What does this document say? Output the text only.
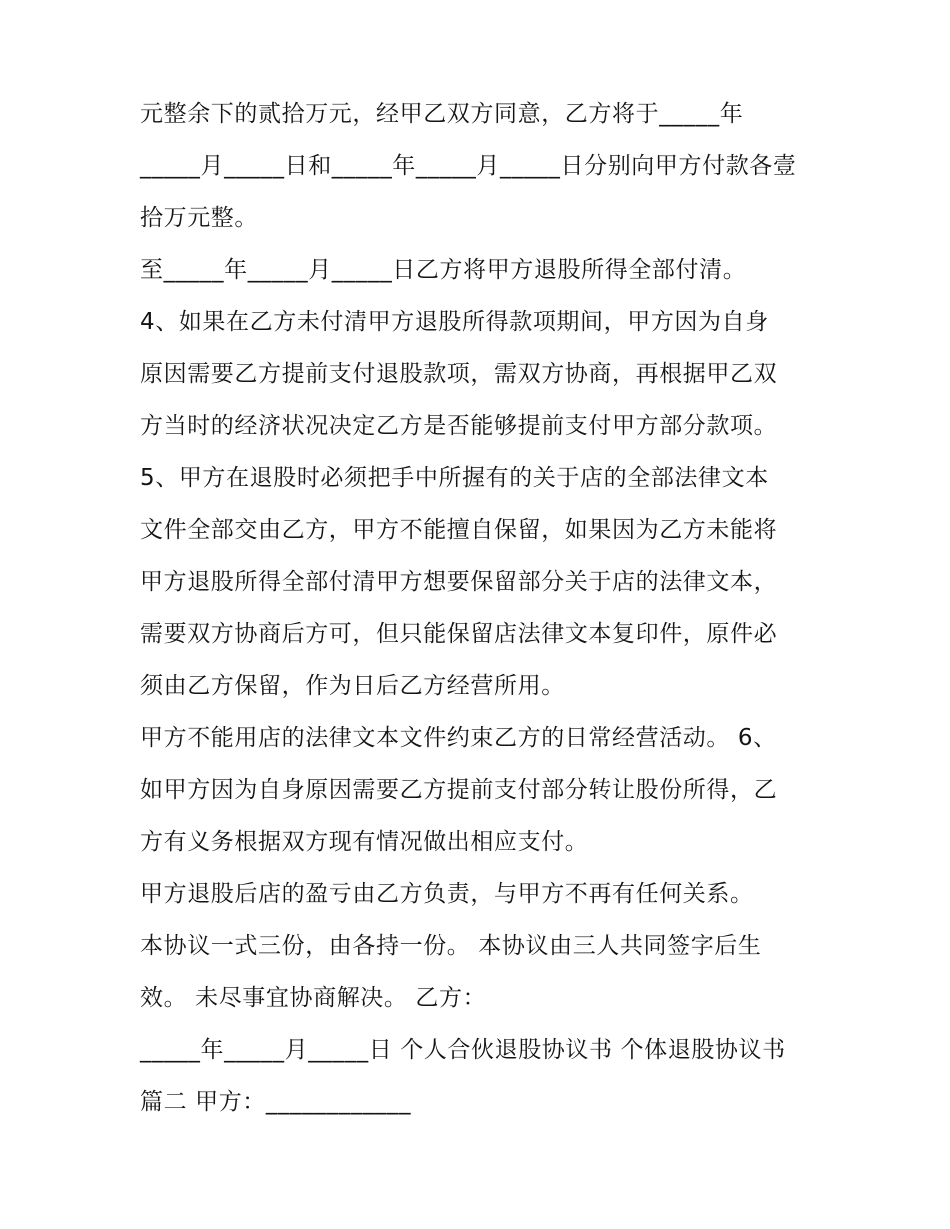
元整余下的贰拾万元，经甲乙双方同意，乙方将于_____年
_____月_____日和_____年_____月_____日分别向甲方付款各壹
拾万元整。
至_____年_____月_____日乙方将甲方退股所得全部付清。
4、如果在乙方未付清甲方退股所得款项期间，甲方因为自身
原因需要乙方提前支付退股款项，需双方协商，再根据甲乙双
方当时的经济状况决定乙方是否能够提前支付甲方部分款项。
5、甲方在退股时必须把手中所握有的关于店的全部法律文本
文件全部交由乙方，甲方不能擅自保留，如果因为乙方未能将
甲方退股所得全部付清甲方想要保留部分关于店的法律文本，
需要双方协商后方可，但只能保留店法律文本复印件，原件必
须由乙方保留，作为日后乙方经营所用。
甲方不能用店的法律文本文件约束乙方的日常经营活动。 6、
如甲方因为自身原因需要乙方提前支付部分转让股份所得，乙
方有义务根据双方现有情况做出相应支付。
甲方退股后店的盈亏由乙方负责，与甲方不再有任何关系。
本协议一式三份，由各持一份。 本协议由三人共同签字后生
效。 未尽事宜协商解决。 乙方：
_____年_____月_____日 个人合伙退股协议书 个体退股协议书
篇二 甲方：____________
